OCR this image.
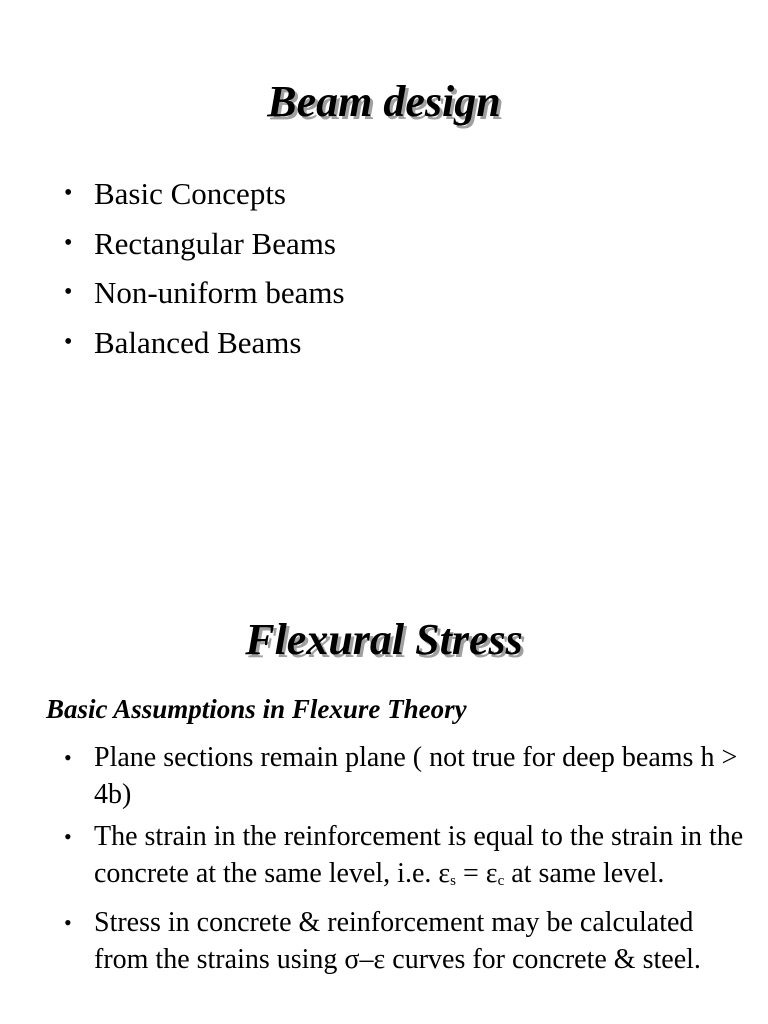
Beam design
• Basic Concepts
• Rectangular Beams
• Non-uniform beams
• Balanced Beams
Flexural Stress
Basic Assumptions in Flexure Theory
• Plane sections remain plane ( not true for deep beams h > 4b)
• The strain in the reinforcement is equal to the strain in the concrete at the same level, i.e. $\varepsilon_s = \varepsilon_c$ at same level.
• Stress in concrete & reinforcement may be calculated from the strains using σ–ε curves for concrete & steel.
